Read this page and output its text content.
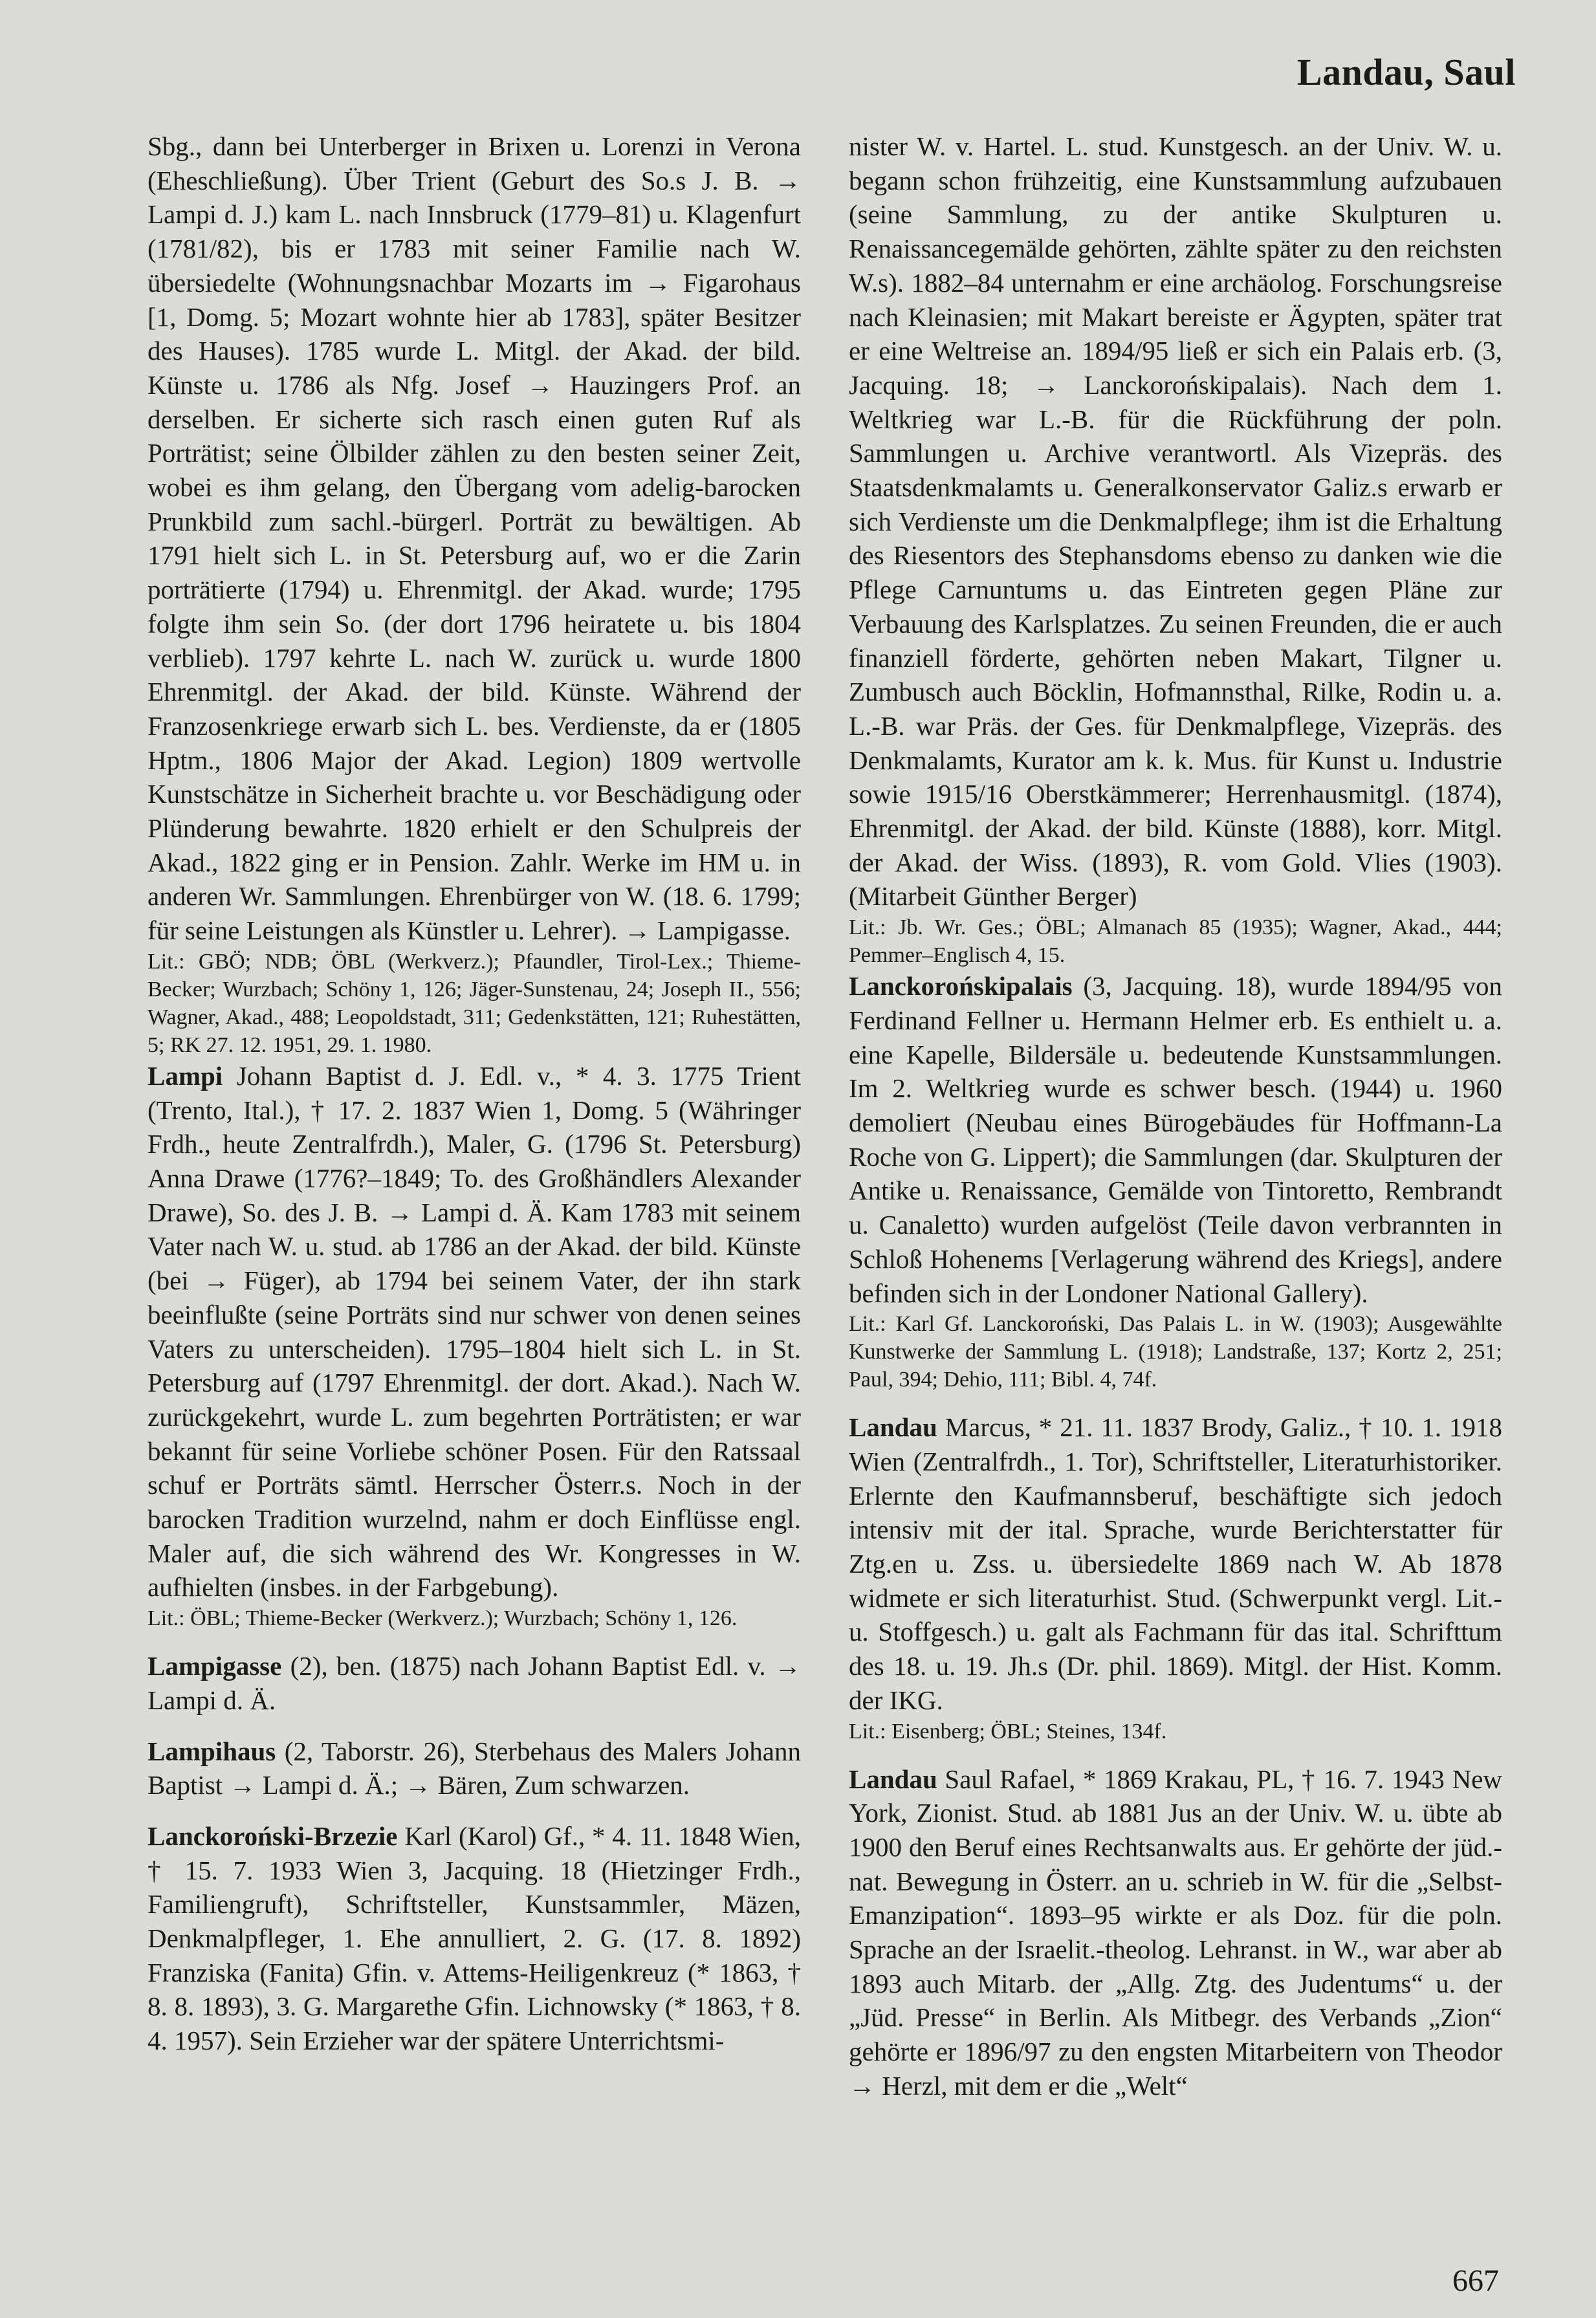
Landau, Saul

Sbg., dann bei Unterberger in Brixen u. Lorenzi in Verona (Eheschließung). Über Trient (Geburt des So.s J. B. → Lampi d. J.) kam L. nach Innsbruck (1779–81) u. Klagenfurt (1781/82), bis er 1783 mit seiner Familie nach W. übersiedelte (Wohnungsnachbar Mozarts im → Figarohaus [1, Domg. 5; Mozart wohnte hier ab 1783], später Besitzer des Hauses). 1785 wurde L. Mitgl. der Akad. der bild. Künste u. 1786 als Nfg. Josef → Hauzingers Prof. an derselben. Er sicherte sich rasch einen guten Ruf als Porträtist; seine Ölbilder zählen zu den besten seiner Zeit, wobei es ihm gelang, den Übergang vom adelig-barocken Prunkbild zum sachl.-bürgerl. Porträt zu bewältigen. Ab 1791 hielt sich L. in St. Petersburg auf, wo er die Zarin porträtierte (1794) u. Ehrenmitgl. der Akad. wurde; 1795 folgte ihm sein So. (der dort 1796 heiratete u. bis 1804 verblieb). 1797 kehrte L. nach W. zurück u. wurde 1800 Ehrenmitgl. der Akad. der bild. Künste. Während der Franzosenkriege erwarb sich L. bes. Verdienste, da er (1805 Hptm., 1806 Major der Akad. Legion) 1809 wertvolle Kunstschätze in Sicherheit brachte u. vor Beschädigung oder Plünderung bewahrte. 1820 erhielt er den Schulpreis der Akad., 1822 ging er in Pension. Zahlr. Werke im HM u. in anderen Wr. Sammlungen. Ehrenbürger von W. (18. 6. 1799; für seine Leistungen als Künstler u. Lehrer). → Lampigasse.

Lit.: GBÖ; NDB; ÖBL (Werkverz.); Pfaundler, Tirol-Lex.; Thieme-Becker; Wurzbach; Schöny 1, 126; Jäger-Sunstenau, 24; Joseph II., 556; Wagner, Akad., 488; Leopoldstadt, 311; Gedenkstätten, 121; Ruhestätten, 5; RK 27. 12. 1951, 29. 1. 1980.

Lampi Johann Baptist d. J. Edl. v., * 4. 3. 1775 Trient (Trento, Ital.), † 17. 2. 1837 Wien 1, Domg. 5 (Währinger Frdh., heute Zentralfrdh.), Maler, G. (1796 St. Petersburg) Anna Drawe (1776?–1849; To. des Großhändlers Alexander Drawe), So. des J. B. → Lampi d. Ä. Kam 1783 mit seinem Vater nach W. u. stud. ab 1786 an der Akad. der bild. Künste (bei → Füger), ab 1794 bei seinem Vater, der ihn stark beeinflußte (seine Porträts sind nur schwer von denen seines Vaters zu unterscheiden). 1795–1804 hielt sich L. in St. Petersburg auf (1797 Ehrenmitgl. der dort. Akad.). Nach W. zurückgekehrt, wurde L. zum begehrten Porträtisten; er war bekannt für seine Vorliebe schöner Posen. Für den Ratssaal schuf er Porträts sämtl. Herrscher Österr.s. Noch in der barocken Tradition wurzelnd, nahm er doch Einflüsse engl. Maler auf, die sich während des Wr. Kongresses in W. aufhielten (insbes. in der Farbgebung).

Lit.: ÖBL; Thieme-Becker (Werkverz.); Wurzbach; Schöny 1, 126.

Lampigasse (2), ben. (1875) nach Johann Baptist Edl. v. → Lampi d. Ä.

Lampihaus (2, Taborstr. 26), Sterbehaus des Malers Johann Baptist → Lampi d. Ä.; → Bären, Zum schwarzen.

Lanckoroński-Brzezie Karl (Karol) Gf., * 4. 11. 1848 Wien, † 15. 7. 1933 Wien 3, Jacquing. 18 (Hietzinger Frdh., Familiengruft), Schriftsteller, Kunstsammler, Mäzen, Denkmalpfleger, 1. Ehe annulliert, 2. G. (17. 8. 1892) Franziska (Fanita) Gfin. v. Attems-Heiligenkreuz (* 1863, † 8. 8. 1893), 3. G. Margarethe Gfin. Lichnowsky (* 1863, † 8. 4. 1957). Sein Erzieher war der spätere Unterrichtsmi-

nister W. v. Hartel. L. stud. Kunstgesch. an der Univ. W. u. begann schon frühzeitig, eine Kunstsammlung aufzubauen (seine Sammlung, zu der antike Skulpturen u. Renaissancegemälde gehörten, zählte später zu den reichsten W.s). 1882–84 unternahm er eine archäolog. Forschungsreise nach Kleinasien; mit Makart bereiste er Ägypten, später trat er eine Weltreise an. 1894/95 ließ er sich ein Palais erb. (3, Jacquing. 18; → Lanckorońskipalais). Nach dem 1. Weltkrieg war L.-B. für die Rückführung der poln. Sammlungen u. Archive verantwortl. Als Vizepräs. des Staatsdenkmalamts u. Generalkonservator Galiz.s erwarb er sich Verdienste um die Denkmalpflege; ihm ist die Erhaltung des Riesentors des Stephansdoms ebenso zu danken wie die Pflege Carnuntums u. das Eintreten gegen Pläne zur Verbauung des Karlsplatzes. Zu seinen Freunden, die er auch finanziell förderte, gehörten neben Makart, Tilgner u. Zumbusch auch Böcklin, Hofmannsthal, Rilke, Rodin u. a. L.-B. war Präs. der Ges. für Denkmalpflege, Vizepräs. des Denkmalamts, Kurator am k. k. Mus. für Kunst u. Industrie sowie 1915/16 Oberstkämmerer; Herrenhausmitgl. (1874), Ehrenmitgl. der Akad. der bild. Künste (1888), korr. Mitgl. der Akad. der Wiss. (1893), R. vom Gold. Vlies (1903). (Mitarbeit Günther Berger)

Lit.: Jb. Wr. Ges.; ÖBL; Almanach 85 (1935); Wagner, Akad., 444; Pemmer–Englisch 4, 15.

Lanckorońskipalais (3, Jacquing. 18), wurde 1894/95 von Ferdinand Fellner u. Hermann Helmer erb. Es enthielt u. a. eine Kapelle, Bildersäle u. bedeutende Kunstsammlungen. Im 2. Weltkrieg wurde es schwer besch. (1944) u. 1960 demoliert (Neubau eines Bürogebäudes für Hoffmann-La Roche von G. Lippert); die Sammlungen (dar. Skulpturen der Antike u. Renaissance, Gemälde von Tintoretto, Rembrandt u. Canaletto) wurden aufgelöst (Teile davon verbrannten in Schloß Hohenems [Verlagerung während des Kriegs], andere befinden sich in der Londoner National Gallery).

Lit.: Karl Gf. Lanckoroński, Das Palais L. in W. (1903); Ausgewählte Kunstwerke der Sammlung L. (1918); Landstraße, 137; Kortz 2, 251; Paul, 394; Dehio, 111; Bibl. 4, 74f.

Landau Marcus, * 21. 11. 1837 Brody, Galiz., † 10. 1. 1918 Wien (Zentralfrdh., 1. Tor), Schriftsteller, Literaturhistoriker. Erlernte den Kaufmannsberuf, beschäftigte sich jedoch intensiv mit der ital. Sprache, wurde Berichterstatter für Ztg.en u. Zss. u. übersiedelte 1869 nach W. Ab 1878 widmete er sich literaturhist. Stud. (Schwerpunkt vergl. Lit.- u. Stoffgesch.) u. galt als Fachmann für das ital. Schrifttum des 18. u. 19. Jh.s (Dr. phil. 1869). Mitgl. der Hist. Komm. der IKG.

Lit.: Eisenberg; ÖBL; Steines, 134f.

Landau Saul Rafael, * 1869 Krakau, PL, † 16. 7. 1943 New York, Zionist. Stud. ab 1881 Jus an der Univ. W. u. übte ab 1900 den Beruf eines Rechtsanwalts aus. Er gehörte der jüd.-nat. Bewegung in Österr. an u. schrieb in W. für die „Selbst-Emanzipation“. 1893–95 wirkte er als Doz. für die poln. Sprache an der Israelit.-theolog. Lehranst. in W., war aber ab 1893 auch Mitarb. der „Allg. Ztg. des Judentums“ u. der „Jüd. Presse“ in Berlin. Als Mitbegr. des Verbands „Zion“ gehörte er 1896/97 zu den engsten Mitarbeitern von Theodor → Herzl, mit dem er die „Welt“

667
